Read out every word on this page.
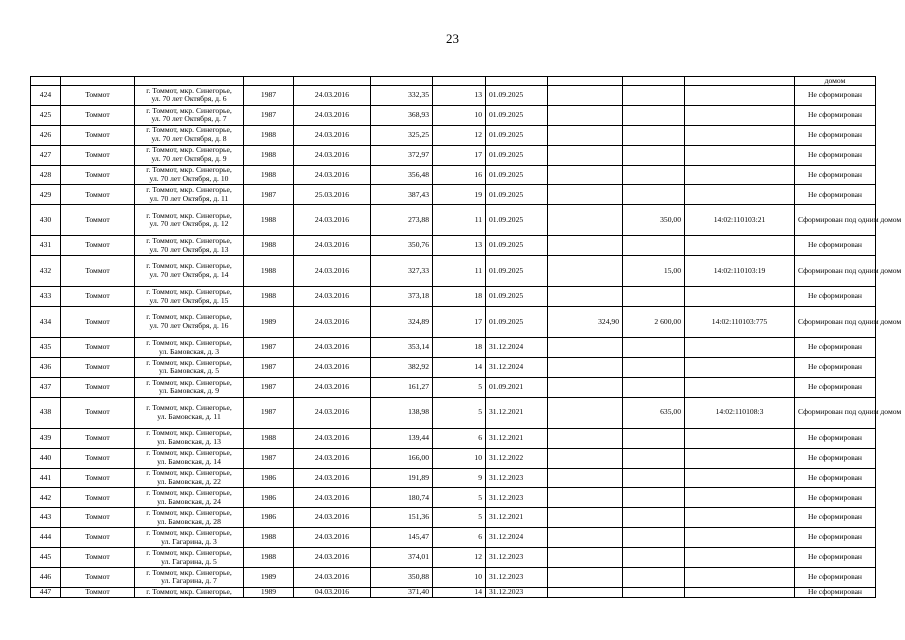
23

											домом

424	Томмот	г. Томмот, мкр. Синегорье,
ул. 70 лет Октября, д. 6	1987	24.03.2016	332,35	13	01.09.2025				Не сформирован
425	Томмот	г. Томмот, мкр. Синегорье,
ул. 70 лет Октября, д. 7	1987	24.03.2016	368,93	10	01.09.2025				Не сформирован
426	Томмот	г. Томмот, мкр. Синегорье,
ул. 70 лет Октября, д. 8	1988	24.03.2016	325,25	12	01.09.2025				Не сформирован
427	Томмот	г. Томмот, мкр. Синегорье,
ул. 70 лет Октября, д. 9	1988	24.03.2016	372,97	17	01.09.2025				Не сформирован
428	Томмот	г. Томмот, мкр. Синегорье,
ул. 70 лет Октября, д. 10	1988	24.03.2016	356,48	16	01.09.2025				Не сформирован
429	Томмот	г. Томмот, мкр. Синегорье,
ул. 70 лет Октября, д. 11	1987	25.03.2016	387,43	19	01.09.2025				Не сформирован
430	Томмот	г. Томмот, мкр. Синегорье,
ул. 70 лет Октября, д. 12	1988	24.03.2016	273,88	11	01.09.2025		350,00	14:02:110103:21	Сформирован под одним домом
431	Томмот	г. Томмот, мкр. Синегорье,
ул. 70 лет Октября, д. 13	1988	24.03.2016	350,76	13	01.09.2025				Не сформирован
432	Томмот	г. Томмот, мкр. Синегорье,
ул. 70 лет Октября, д. 14	1988	24.03.2016	327,33	11	01.09.2025		15,00	14:02:110103:19	Сформирован под одним домом
433	Томмот	г. Томмот, мкр. Синегорье,
ул. 70 лет Октября, д. 15	1988	24.03.2016	373,18	18	01.09.2025				Не сформирован
434	Томмот	г. Томмот, мкр. Синегорье,
ул. 70 лет Октября, д. 16	1989	24.03.2016	324,89	17	01.09.2025	324,90	2 600,00	14:02:110103:775	Сформирован под одним домом
435	Томмот	г. Томмот, мкр. Синегорье,
ул. Бамовская, д. 3	1987	24.03.2016	353,14	18	31.12.2024				Не сформирован
436	Томмот	г. Томмот, мкр. Синегорье,
ул. Бамовская, д. 5	1987	24.03.2016	382,92	14	31.12.2024				Не сформирован
437	Томмот	г. Томмот, мкр. Синегорье,
ул. Бамовская, д. 9	1987	24.03.2016	161,27	5	01.09.2021				Не сформирован
438	Томмот	г. Томмот, мкр. Синегорье,
ул. Бамовская, д. 11	1987	24.03.2016	138,98	5	31.12.2021		635,00	14:02:110108:3	Сформирован под одним домом
439	Томмот	г. Томмот, мкр. Синегорье,
ул. Бамовская, д. 13	1988	24.03.2016	139,44	6	31.12.2021				Не сформирован
440	Томмот	г. Томмот, мкр. Синегорье,
ул. Бамовская, д. 14	1987	24.03.2016	166,00	10	31.12.2022				Не сформирован
441	Томмот	г. Томмот, мкр. Синегорье,
ул. Бамовская, д. 22	1986	24.03.2016	191,89	9	31.12.2023				Не сформирован
442	Томмот	г. Томмот, мкр. Синегорье,
ул. Бамовская, д. 24	1986	24.03.2016	180,74	5	31.12.2023				Не сформирован
443	Томмот	г. Томмот, мкр. Синегорье,
ул. Бамовская, д. 28	1986	24.03.2016	151,36	5	31.12.2021				Не сформирован
444	Томмот	г. Томмот, мкр. Синегорье,
ул. Гагарина, д. 3	1988	24.03.2016	145,47	6	31.12.2024				Не сформирован
445	Томмот	г. Томмот, мкр. Синегорье,
ул. Гагарина, д. 5	1988	24.03.2016	374,01	12	31.12.2023				Не сформирован
446	Томмот	г. Томмот, мкр. Синегорье,
ул. Гагарина, д. 7	1989	24.03.2016	350,88	10	31.12.2023				Не сформирован
447	Томмот	г. Томмот, мкр. Синегорье,	1989	04.03.2016	371,40	14	31.12.2023				Не сформирован
